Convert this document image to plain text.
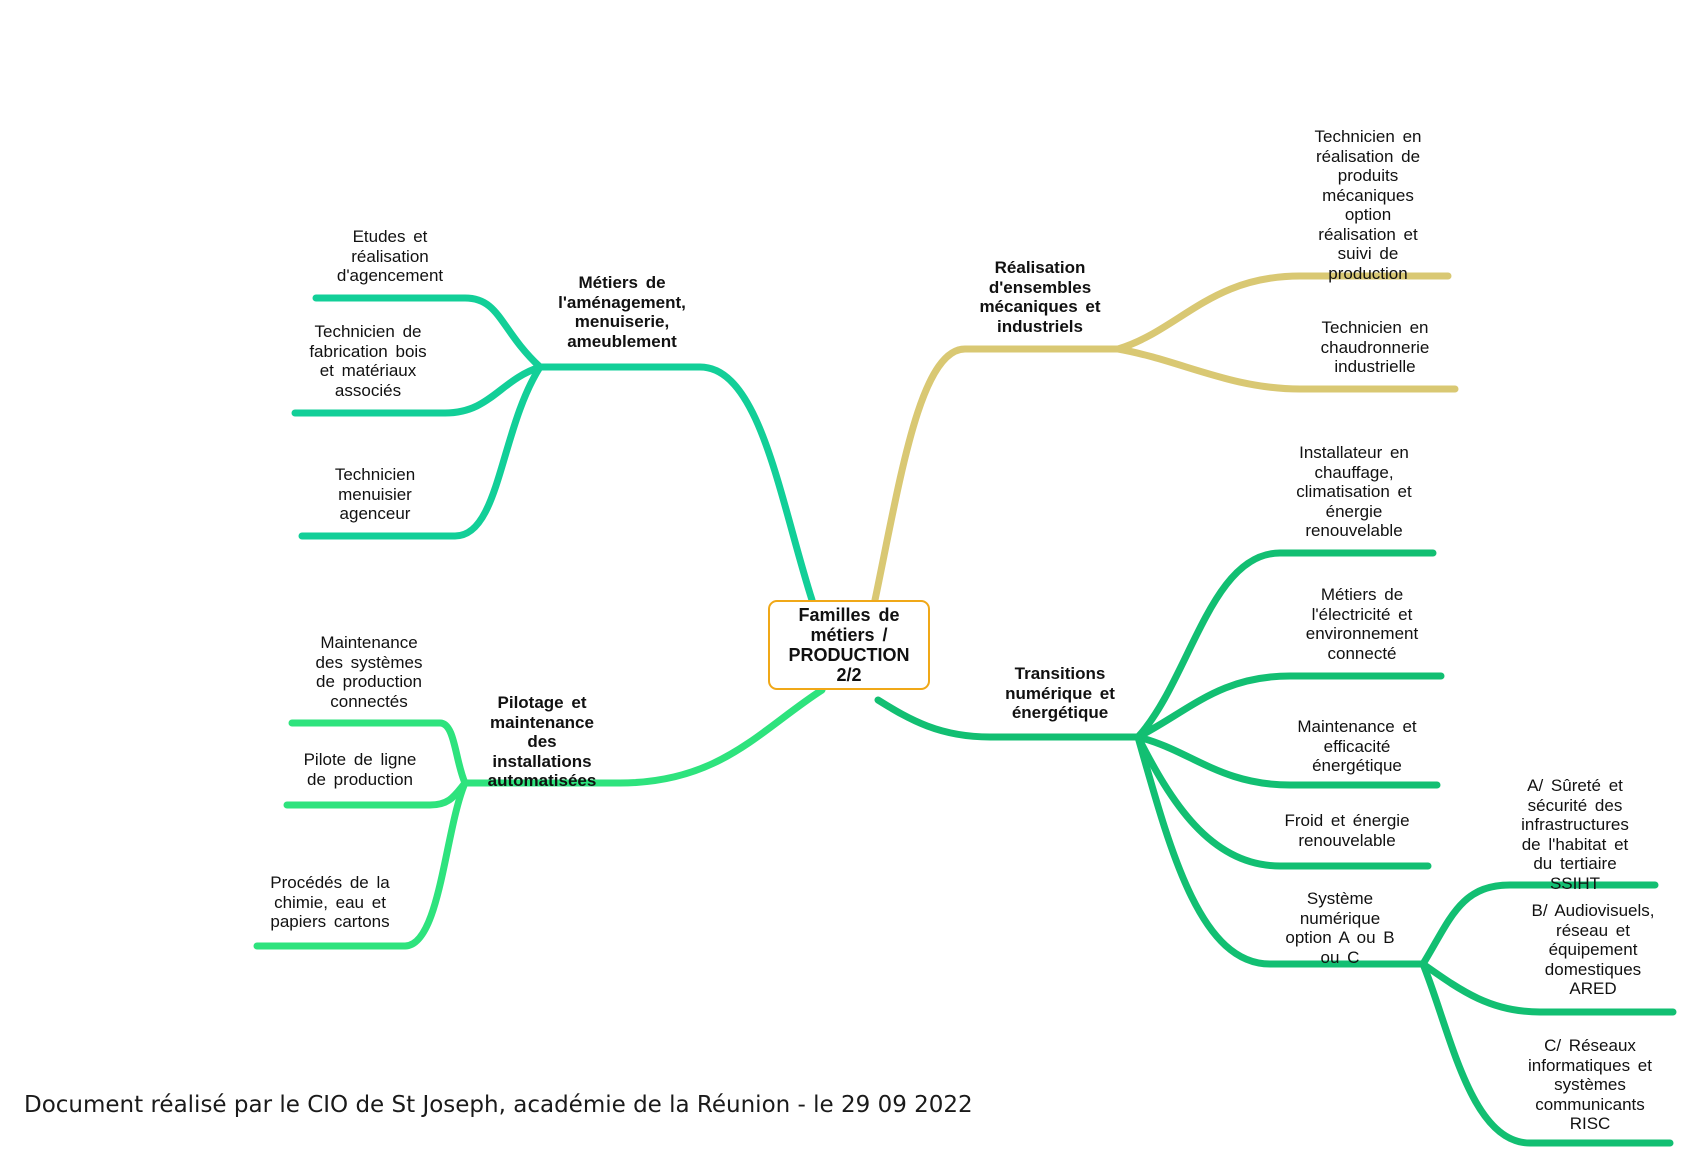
Familles de
métiers /
PRODUCTION
2/2
Métiers de
l'aménagement,
menuiserie,
ameublement
Pilotage et
maintenance
des
installations
automatisées
Réalisation
d'ensembles
mécaniques et
industriels
Transitions
numérique et
énergétique
Etudes et
réalisation
d'agencement
Technicien de
fabrication bois
et matériaux
associés
Technicien
menuisier
agenceur
Maintenance
des systèmes
de production
connectés
Pilote de ligne
de production
Procédés de la
chimie, eau et
papiers cartons
Technicien en
réalisation de
produits
mécaniques
option
réalisation et
suivi de
production
Technicien en
chaudronnerie
industrielle
Installateur en
chauffage,
climatisation et
énergie
renouvelable
Métiers de
l'électricité et
environnement
connecté
Maintenance et
efficacité
énergétique
Froid et énergie
renouvelable
Système
numérique
option A ou B
ou C
A/ Sûreté et
sécurité des
infrastructures
de l'habitat et
du tertiaire
SSIHT
B/ Audiovisuels,
réseau et
équipement
domestiques
ARED
C/ Réseaux
informatiques et
systèmes
communicants
RISC
Document réalisé par le CIO de St Joseph, académie de la Réunion - le 29 09 2022
